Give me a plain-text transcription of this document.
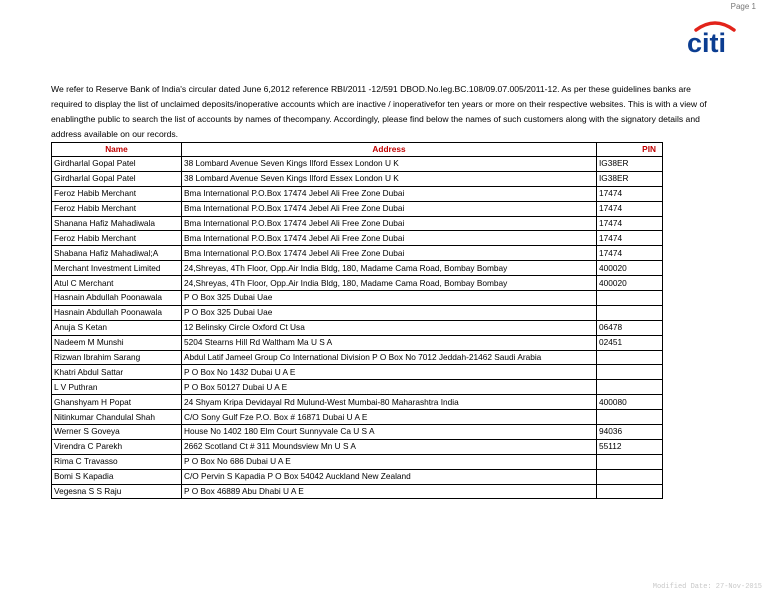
Page 1
citi
We refer to Reserve Bank of India's circular dated June 6,2012 reference RBI/2011 -12/591 DBOD.No.leg.BC.108/09.07.005/2011-12. As per these guidelines banks are required to display the list of unclaimed deposits/inoperative accounts which are inactive / inoperativefor ten years or more on their respective websites. This is with a view of enablingthe public to search the list of accounts by names of thecompany. Accordingly, please find below the names of such customers along with the signatory details and address available on our records.
Name	Address	PIN
Girdharlal Gopal Patel	38 Lombard Avenue Seven Kings Ilford Essex London U K	IG38ER
Girdharlal Gopal Patel	38 Lombard Avenue Seven Kings Ilford Essex London U K	IG38ER
Feroz Habib Merchant	Bma International P.O.Box 17474 Jebel Ali Free Zone Dubai	17474
Feroz Habib Merchant	Bma International P.O.Box 17474 Jebel Ali Free Zone Dubai	17474
Shanana Hafiz Mahadiwala	Bma International P.O.Box 17474 Jebel Ali Free Zone Dubai	17474
Feroz Habib Merchant	Bma International P.O.Box 17474 Jebel Ali Free Zone Dubai	17474
Shabana Hafiz Mahadiwal;A	Bma International P.O.Box 17474 Jebel Ali Free Zone Dubai	17474
Merchant Investment Limited	24,Shreyas, 4Th Floor, Opp.Air India Bldg, 180, Madame Cama Road, Bombay Bombay	400020
Atul C Merchant	24,Shreyas, 4Th Floor, Opp.Air India Bldg, 180, Madame Cama Road, Bombay Bombay	400020
Hasnain Abdullah Poonawala	P O Box 325 Dubai Uae	
Hasnain Abdullah Poonawala	P O Box 325 Dubai Uae	
Anuja S Ketan	12 Belinsky Circle Oxford Ct Usa	06478
Nadeem M Munshi	5204 Stearns Hill Rd Waltham Ma U S A	02451
Rizwan Ibrahim Sarang	Abdul Latif Jameel Group Co International Division P O Box No 7012 Jeddah-21462 Saudi Arabia	
Khatri Abdul Sattar	P O Box No 1432 Dubai U A E	
L V Puthran	P O Box 50127 Dubai U A E	
Ghanshyam H Popat	24 Shyam Kripa Devidayal Rd Mulund-West Mumbai-80 Maharashtra India	400080
Nitinkumar Chandulal Shah	C/O Sony Gulf Fze P.O. Box # 16871 Dubai U A E	
Werner S Goveya	House No 1402 180 Elm Court Sunnyvale Ca U S A	94036
Virendra C Parekh	2662 Scotland Ct # 311 Moundsview Mn U S A	55112
Rima C Travasso	P O Box No 686 Dubai U A E	
Bomi S Kapadia	C/O Pervin S Kapadia P O Box 54042 Auckland New Zealand	
Vegesna S S Raju	P O Box 46889 Abu Dhabi U A E	
Modified Date: 27-Nov-2015
